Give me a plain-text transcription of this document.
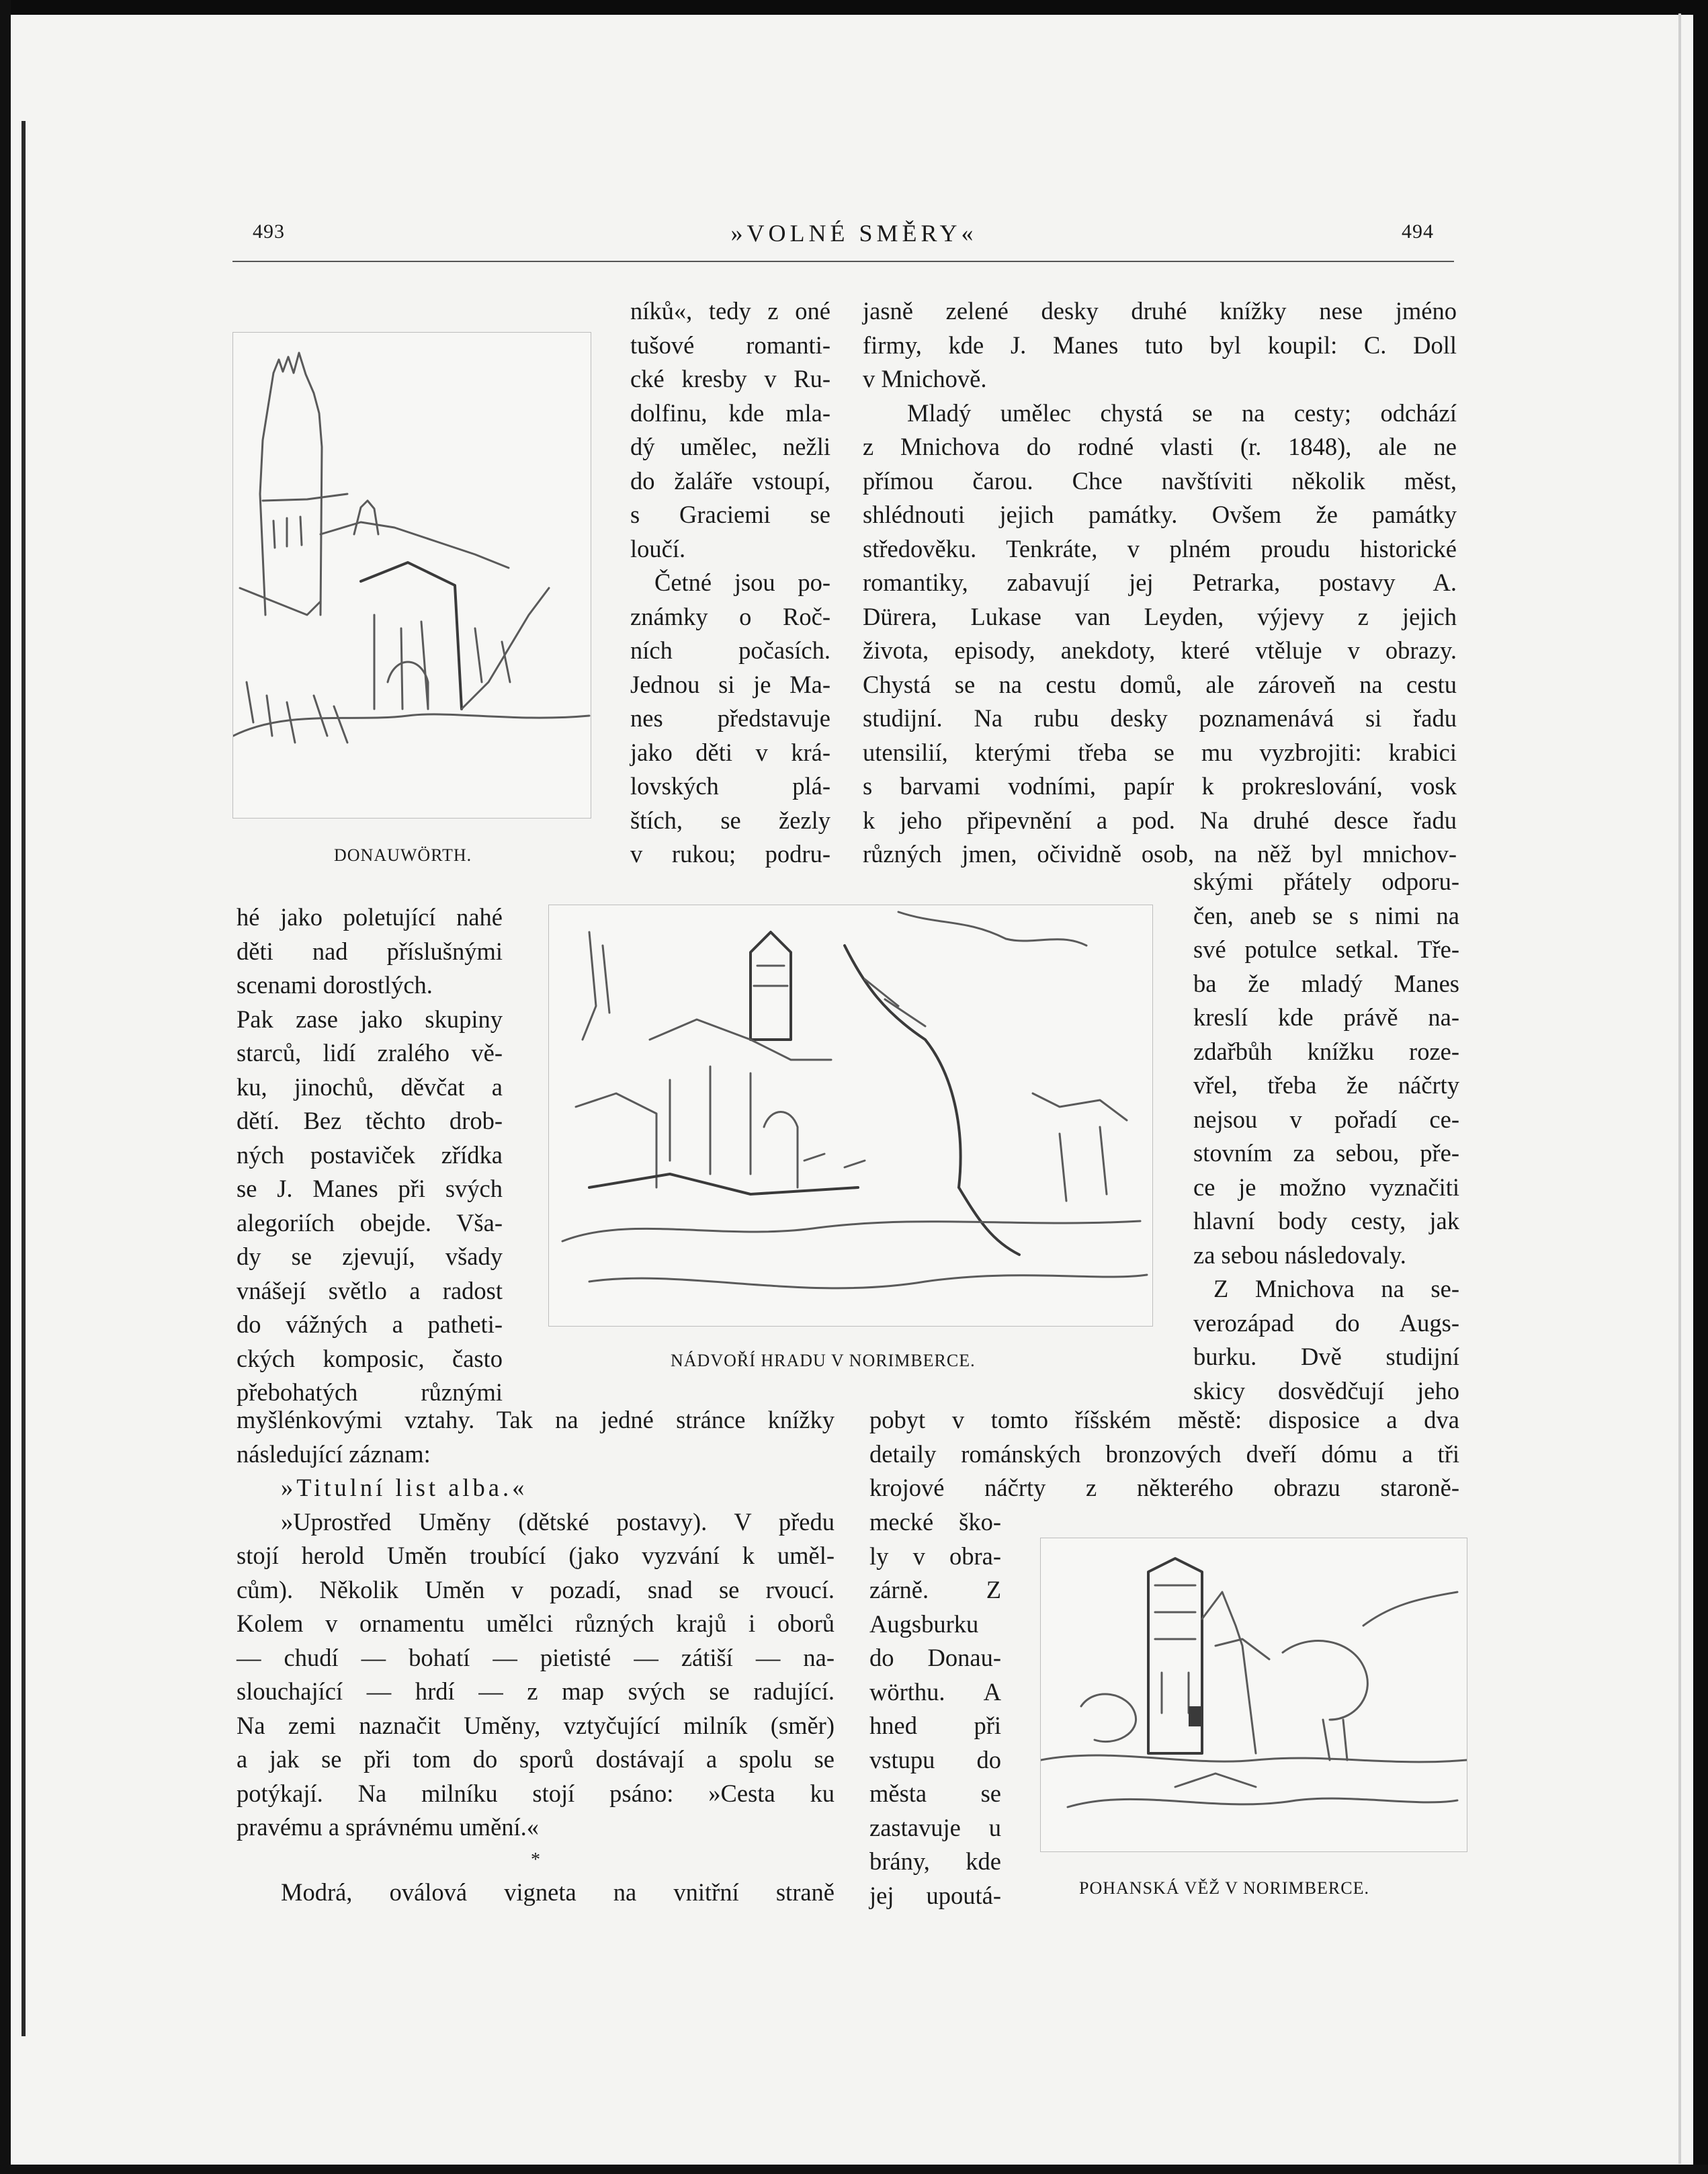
493	»VOLNÉ SMĚRY«	494
DONAUWÖRTH.
NÁDVOŘÍ HRADU V NORIMBERCE.
POHANSKÁ VĚŽ V NORIMBERCE.
níků«, tedy z oné
tušové romanti-
cké kresby v Ru-
dolfinu, kde mla-
dý umělec, nežli
do žaláře vstoupí,
s Graciemi se
loučí.
Četné jsou po-
známky o Roč-
ních počasích.
Jednou si je Ma-
nes představuje
jako děti v krá-
lovských plá-
štích, se žezly
v rukou; podru-
hé jako poletující nahé
děti nad příslušnými
scenami dorostlých.
Pak zase jako skupiny
starců, lidí zralého vě-
ku, jinochů, děvčat a
dětí. Bez těchto drob-
ných postaviček zřídka
se J. Manes při svých
alegoriích obejde. Vša-
dy se zjevují, všady
vnášejí světlo a radost
do vážných a patheti-
ckých komposic, často
přebohatých různými
myšlénkovými vztahy. Tak na jedné stránce knížky
následující záznam:
»Titulní list alba.«
»Uprostřed Uměny (dětské postavy). V předu
stojí herold Uměn troubící (jako vyzvání k uměl-
cům). Několik Uměn v pozadí, snad se rvoucí.
Kolem v ornamentu umělci různých krajů i oborů
— chudí — bohatí — pietisté — zátiší — na-
slouchající — hrdí — z map svých se radující.
Na zemi naznačit Uměny, vztyčující milník (směr)
a jak se při tom do sporů dostávají a spolu se
potýkají. Na milníku stojí psáno: »Cesta ku
pravému a správnému umění.«
*
Modrá, oválová vigneta na vnitřní straně
jasně zelené desky druhé knížky nese jméno
firmy, kde J. Manes tuto byl koupil: C. Doll
v Mnichově.
Mladý umělec chystá se na cesty; odchází
z Mnichova do rodné vlasti (r. 1848), ale ne
přímou čarou. Chce navštíviti několik měst,
shlédnouti jejich památky. Ovšem že památky
středověku. Tenkráte, v plném proudu historické
romantiky, zabavují jej Petrarka, postavy A.
Dürera, Lukase van Leyden, výjevy z jejich
života, episody, anekdoty, které vtěluje v obrazy.
Chystá se na cestu domů, ale zároveň na cestu
studijní. Na rubu desky poznamenává si řadu
utensilií, kterými třeba se mu vyzbrojiti: krabici
s barvami vodními, papír k prokreslování, vosk
k jeho připevnění a pod. Na druhé desce řadu
různých jmen, očividně osob, na něž byl mnichov-
skými přátely odporu-
čen, aneb se s nimi na
své potulce setkal. Tře-
ba že mladý Manes
kreslí kde právě na-
zdařbůh knížku roze-
vřel, třeba že náčrty
nejsou v pořadí ce-
stovním za sebou, pře-
ce je možno vyznačiti
hlavní body cesty, jak
za sebou následovaly.
Z Mnichova na se-
verozápad do Augs-
burku. Dvě studijní
skicy dosvědčují jeho
pobyt v tomto říšském městě: disposice a dva
detaily románských bronzových dveří dómu a tři
krojové náčrty z některého obrazu staroně-
mecké ško-
ly v obra-
zárně. Z
Augsburku
do Donau-
wörthu. A
hned při
vstupu do
města se
zastavuje u
brány, kde
jej upoutá-
